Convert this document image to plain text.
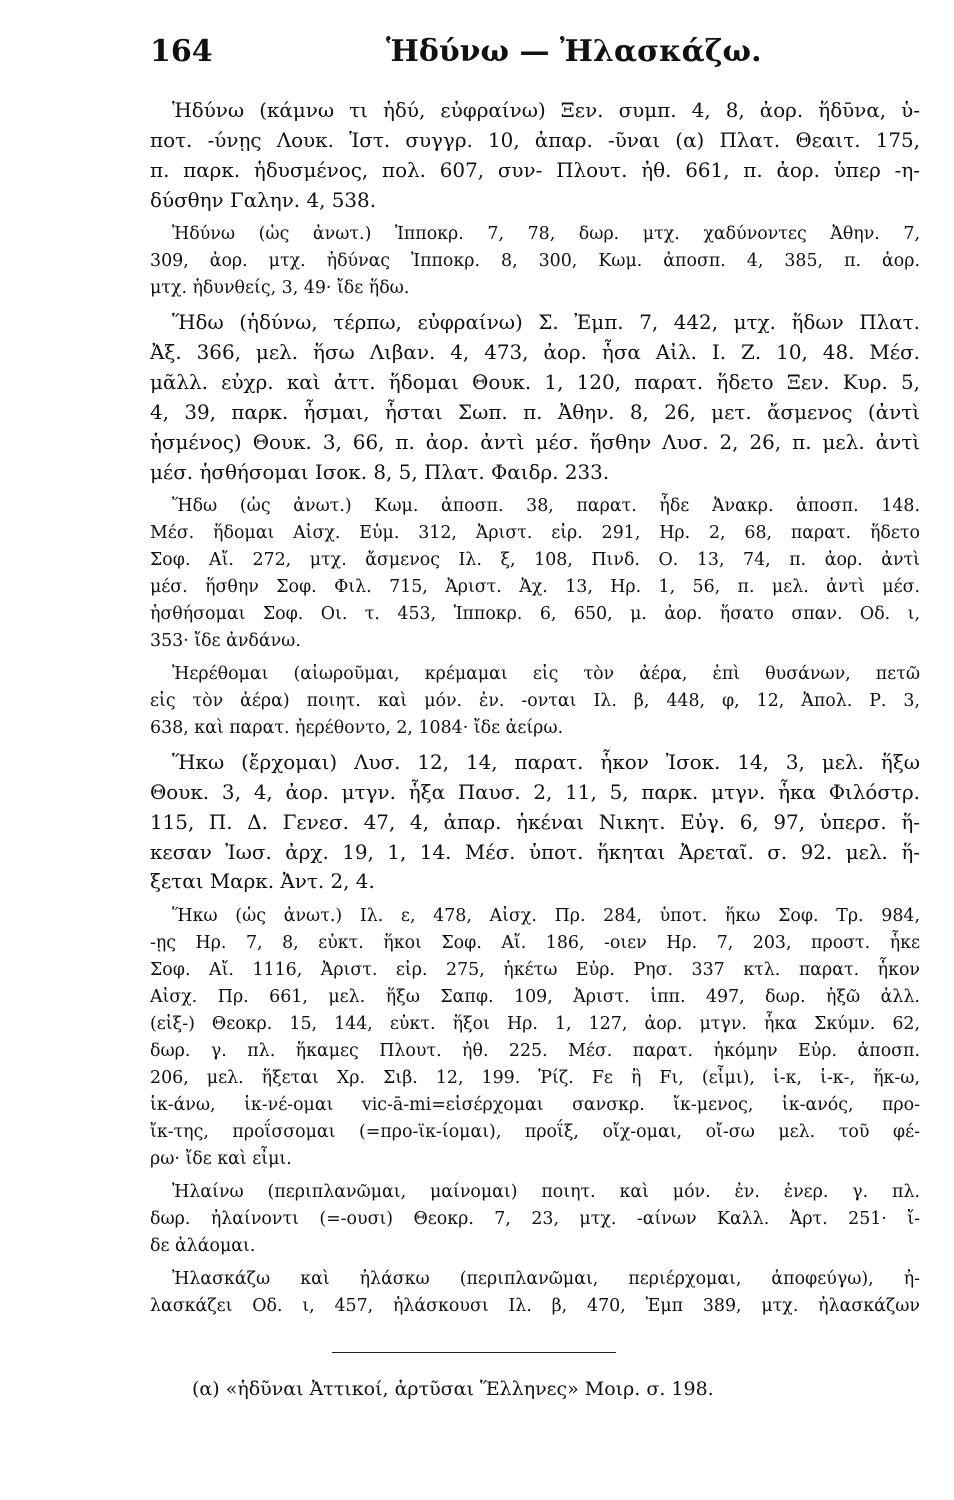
164	Ἡδύνω — Ἠλασκάζω.
Ἡδύνω (κάμνω τι ἡδύ, εὐφραίνω) Ξεν. συμπ. 4, 8, ἀορ. ἥδῡνα, ὑ-
ποτ. -ύνῃς Λουκ. Ἱστ. συγγρ. 10, ἀπαρ. -ῦναι (α) Πλατ. Θεαιτ. 175,
π. παρκ. ἡδυσμένος, πολ. 607, συν- Πλουτ. ἠθ. 661, π. ἀορ. ὑπερ -η-
δύσθην Γαλην. 4, 538.
Ἡδύνω (ὡς ἀνωτ.) Ἱπποκρ. 7, 78, δωρ. μτχ. χαδύνοντες Ἀθην. 7,
309, ἀορ. μτχ. ἡδύνας Ἱπποκρ. 8, 300, Κωμ. ἀποσπ. 4, 385, π. ἀορ.
μτχ. ἡδυνθείς, 3, 49· ἴδε ἥδω.
Ἥδω (ἡδύνω, τέρπω, εὐφραίνω) Σ. Ἐμπ. 7, 442, μτχ. ἥδων Πλατ.
Ἀξ. 366, μελ. ἥσω Λιβαν. 4, 473, ἀορ. ἧσα Αἰλ. Ι. Ζ. 10, 48. Μέσ.
μᾶλλ. εὐχρ. καὶ ἀττ. ἥδομαι Θουκ. 1, 120, παρατ. ἥδετο Ξεν. Κυρ. 5,
4, 39, παρκ. ἧσμαι, ἧσται Σωπ. π. Ἀθην. 8, 26, μετ. ἄσμενος (ἀντὶ
ἡσμένος) Θουκ. 3, 66, π. ἀορ. ἀντὶ μέσ. ἥσθην Λυσ. 2, 26, π. μελ. ἀντὶ
μέσ. ἡσθήσομαι Ισοκ. 8, 5, Πλατ. Φαιδρ. 233.
Ἥδω (ὡς ἀνωτ.) Κωμ. ἀποσπ. 38, παρατ. ἧδε Ἀνακρ. ἀποσπ. 148.
Μέσ. ἥδομαι Αἰσχ. Εὐμ. 312, Ἀριστ. εἰρ. 291, Ηρ. 2, 68, παρατ. ἥδετο
Σοφ. Αἴ. 272, μτχ. ἄσμενος Ιλ. ξ, 108, Πινδ. Ο. 13, 74, π. ἀορ. ἀντὶ
μέσ. ἥσθην Σοφ. Φιλ. 715, Ἀριστ. Ἀχ. 13, Ηρ. 1, 56, π. μελ. ἀντὶ μέσ.
ἡσθήσομαι Σοφ. Οι. τ. 453, Ἱπποκρ. 6, 650, μ. ἀορ. ἥσατο σπαν. Οδ. ι,
353· ἴδε ἀνδάνω.
Ἠερέθομαι (αἰωροῦμαι, κρέμαμαι εἰς τὸν ἀέρα, ἐπὶ θυσάνων, πετῶ
εἰς τὸν ἀέρα) ποιητ. καὶ μόν. ἐν. -ονται Ιλ. β, 448, φ, 12, Ἀπολ. Ρ. 3,
638, καὶ παρατ. ἠερέθοντο, 2, 1084· ἴδε ἀείρω.
Ἥκω (ἔρχομαι) Λυσ. 12, 14, παρατ. ἧκον Ἰσοκ. 14, 3, μελ. ἥξω
Θουκ. 3, 4, ἀορ. μτγν. ἧξα Παυσ. 2, 11, 5, παρκ. μτγν. ἧκα Φιλόστρ.
115, Π. Δ. Γενεσ. 47, 4, ἀπαρ. ἡκέναι Νικητ. Εὐγ. 6, 97, ὑπερσ. ἥ-
κεσαν Ἰωσ. ἀρχ. 19, 1, 14. Μέσ. ὑποτ. ἥκηται Ἀρεταῖ. σ. 92. μελ. ἥ-
ξεται Μαρκ. Ἀντ. 2, 4.
Ἥκω (ὡς ἀνωτ.) Ιλ. ε, 478, Αἰσχ. Πρ. 284, ὑποτ. ἥκω Σοφ. Τρ. 984,
-ῃς Ηρ. 7, 8, εὐκτ. ἥκοι Σοφ. Αἴ. 186, -οιεν Ηρ. 7, 203, προστ. ἧκε
Σοφ. Αἴ. 1116, Ἀριστ. εἰρ. 275, ἡκέτω Εὐρ. Ρησ. 337 κτλ. παρατ. ἧκον
Αἰσχ. Πρ. 661, μελ. ἥξω Σαπφ. 109, Ἀριστ. ἱππ. 497, δωρ. ἡξῶ ἀλλ.
(εἰξ-) Θεοκρ. 15, 144, εὐκτ. ἥξοι Ηρ. 1, 127, ἀορ. μτγν. ἧκα Σκύμν. 62,
δωρ. γ. πλ. ἥκαμες Πλουτ. ἠθ. 225. Μέσ. παρατ. ἡκόμην Εὐρ. ἀποσπ.
206, μελ. ἥξεται Χρ. Σιβ. 12, 199. Ῥίζ. Fε ἢ Fι, (εἶμι), ἱ-κ, ἱ-κ-, ἥκ-ω,
ἱκ-άνω, ἱκ-νέ-ομαι vic-ā-mi=εἰσέρχομαι σανσκρ. ἴκ-μενος, ἰκ-ανός, προ-
ἴκ-της, προΐσσομαι (=προ-ϊκ-ίομαι), προΐξ, οἴχ-ομαι, οἴ-σω μελ. τοῦ φέ-
ρω· ἴδε καὶ εἶμι.
Ἠλαίνω (περιπλανῶμαι, μαίνομαι) ποιητ. καὶ μόν. ἐν. ἐνερ. γ. πλ.
δωρ. ἠλαίνοντι (=-ουσι) Θεοκρ. 7, 23, μτχ. -αίνων Καλλ. Ἀρτ. 251· ἴ-
δε ἀλάομαι.
Ἠλασκάζω καὶ ἠλάσκω (περιπλανῶμαι, περιέρχομαι, ἀποφεύγω), ἠ-
λασκάζει Οδ. ι, 457, ἠλάσκουσι Ιλ. β, 470, Ἐμπ 389, μτχ. ἠλασκάζων
(α) «ἡδῦναι Ἀττικοί, ἀρτῦσαι Ἕλληνες» Μοιρ. σ. 198.
